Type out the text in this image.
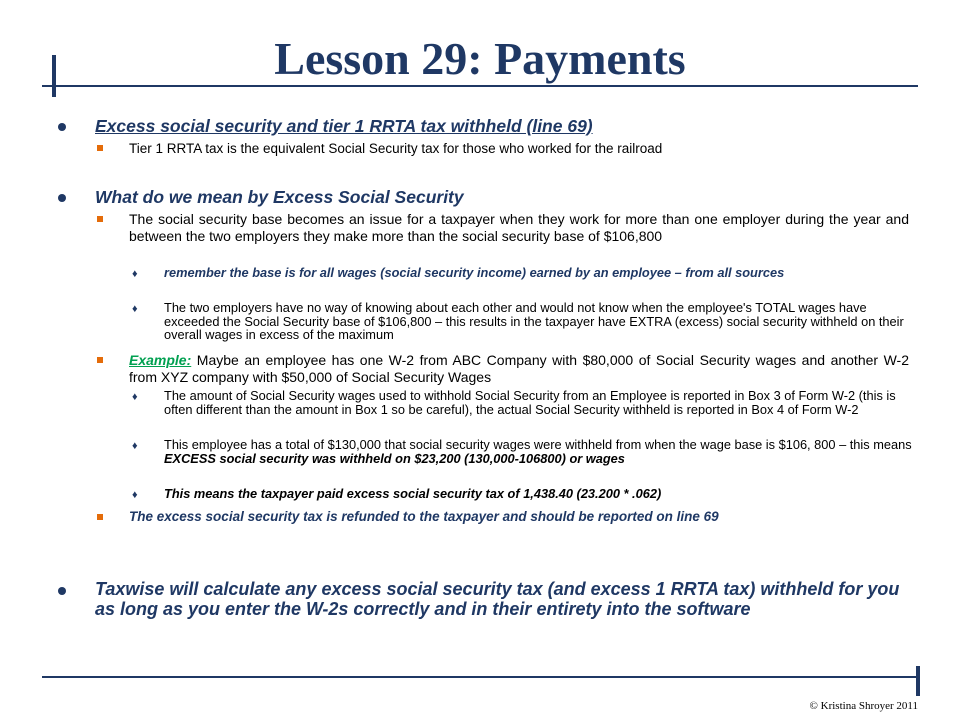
Lesson 29: Payments
Excess social security and tier 1 RRTA tax withheld (line 69)
Tier 1 RRTA tax is the equivalent Social Security tax for those who worked for the railroad
What do we mean by Excess Social Security
The social security base becomes an issue for a taxpayer when they work for more than one employer during the year and between the two employers they make more than the social security base of $106,800
♦ remember the base is for all wages (social security income) earned by an employee – from all sources
♦ The two employers have no way of knowing about each other and would not know when the employee's TOTAL wages have exceeded the Social Security base of $106,800 – this results in the taxpayer have EXTRA (excess) social security withheld on their overall wages in excess of the maximum
Example: Maybe an employee has one W-2 from ABC Company with $80,000 of Social Security wages and another W-2 from XYZ company with $50,000 of Social Security Wages
♦ The amount of Social Security wages used to withhold Social Security from an Employee is reported in Box 3 of Form W-2 (this is often different than the amount in Box 1 so be careful), the actual Social Security withheld is reported in Box 4 of Form W-2
♦ This employee has a total of $130,000 that social security wages were withheld from when the wage base is $106, 800 – this means EXCESS social security was withheld on $23,200 (130,000-106800) or wages
♦ This means the taxpayer paid excess social security tax of 1,438.40 (23.200 * .062)
The excess social security tax is refunded to the taxpayer and should be reported on line 69
Taxwise will calculate any excess social security tax (and excess 1 RRTA tax) withheld for you as long as you enter the W-2s correctly and in their entirety into the software
© Kristina Shroyer 2011
